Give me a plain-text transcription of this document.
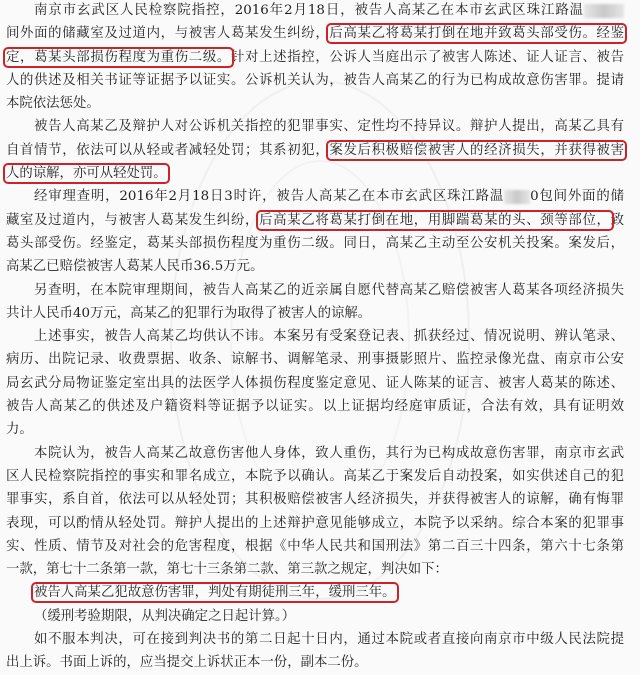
南京市玄武区人民检察院指控，2016年2月18日，被告人高某乙在本市玄武区珠江路温
间外面的储藏室及过道内，与被害人葛某发生纠纷，后高某乙将葛某打倒在地并致葛头部受伤。经鉴
定，葛某头部损伤程度为重伤二级。针对上述指控，公诉人当庭出示了被害人陈述、证人证言、被告
人的供述及相关书证等证据予以证实。公诉机关认为，被告人高某乙的行为已构成故意伤害罪。提请
本院依法惩处。
被告人高某乙及辩护人对公诉机关指控的犯罪事实、定性均不持异议。辩护人提出，高某乙具有
自首情节，依法可以从轻或者减轻处罚；其系初犯，案发后积极赔偿被害人的经济损失，并获得被害
人的谅解，亦可从轻处罚。
经审理查明，2016年2月18日3时许，被告人高某乙在本市玄武区珠江路温 0包间外面的储
藏室及过道内，与被害人葛某发生纠纷，后高某乙将葛某打倒在地，用脚踹葛某的头、颈等部位，致
葛头部受伤。经鉴定，葛某头部损伤程度为重伤二级。同日，高某乙主动至公安机关投案。案发后，
高某乙已赔偿被害人葛某人民币36.5万元。
另查明，在本院审理期间，被告人高某乙的近亲属自愿代替高某乙赔偿被害人葛某各项经济损失
共计人民币40万元，高某乙的犯罪行为取得了被害人的谅解。
上述事实，被告人高某乙均供认不讳。本案另有受案登记表、抓获经过、情况说明、辨认笔录、
病历、出院记录、收费票据、收条、谅解书、调解笔录、刑事摄影照片、监控录像光盘、南京市公安
局玄武分局物证鉴定室出具的法医学人体损伤程度鉴定意见、证人陈某的证言、被害人葛某的陈述、
被告人高某乙的供述及户籍资料等证据予以证实。以上证据均经庭审质证，合法有效，具有证明效
力。
本院认为，被告人高某乙故意伤害他人身体，致人重伤，其行为已构成故意伤害罪，南京市玄武
区人民检察院指控的事实和罪名成立，本院予以确认。高某乙于案发后自动投案，如实供述自己的犯
罪事实，系自首，依法可以从轻处罚；其积极赔偿被害人经济损失，并获得被害人的谅解，确有悔罪
表现，可以酌情从轻处罚。辩护人提出的上述辩护意见能够成立，本院予以采纳。综合本案的犯罪事
实、性质、情节及对社会的危害程度，根据《中华人民共和国刑法》第二百三十四条，第六十七条第
一款，第七十二条第一款，第七十三条第二款、第三款之规定，判决如下：
被告人高某乙犯故意伤害罪，判处有期徒刑三年，缓刑三年。
（缓刑考验期限，从判决确定之日起计算。）
如不服本判决，可在接到判决书的第二日起十日内，通过本院或者直接向南京市中级人民法院提
出上诉。书面上诉的，应当提交上诉状正本一份，副本二份。
